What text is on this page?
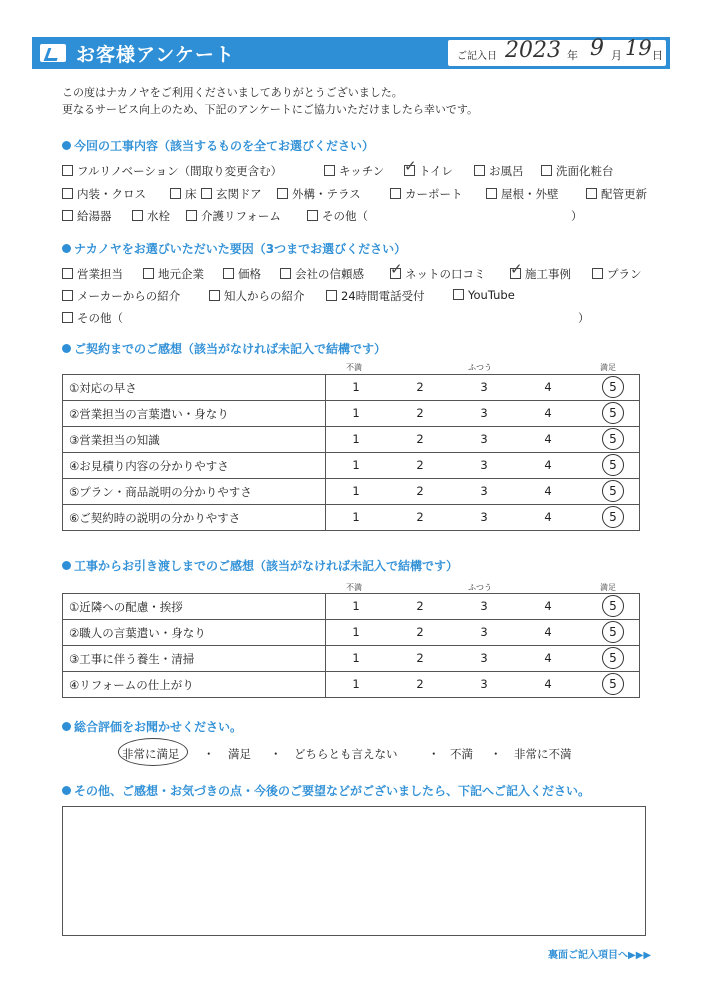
お客様アンケート	ご記入日 2023 年 9 月 19 日
この度はナカノヤをご利用くださいましてありがとうございました。
更なるサービス向上のため、下記のアンケートにご協力いただけましたら幸いです。
今回の工事内容（該当するものを全てお選びください）
フルリノベーション（間取り変更含む）	キッチン ✓	トイレ	お風呂	洗面化粧台
内装・クロス	床	玄関ドア	外構・テラス	カーポート	屋根・外壁	配管更新
給湯器	水栓	介護リフォーム	その他（	）
ナカノヤをお選びいただいた要因（3つまでお選びください）
営業担当	地元企業	価格	会社の信頼感 ✓	ネットの口コミ ✓	施工事例	プラン
メーカーからの紹介	知人からの紹介	24時間電話受付	YouTube
その他（	）
ご契約までのご感想（該当がなければ未記入で結構です）
不満	ふつう	満足
①対応の早さ	1 2 3 4 5

②営業担当の言葉遣い・身なり	1 2 3 4 5

③営業担当の知識	1 2 3 4 5

④お見積り内容の分かりやすさ	1 2 3 4 5

⑤プラン・商品説明の分かりやすさ	1 2 3 4 5

⑥ご契約時の説明の分かりやすさ	1 2 3 4 5
工事からお引き渡しまでのご感想（該当がなければ未記入で結構です）
不満	ふつう	満足
①近隣への配慮・挨拶	1 2 3 4 5

②職人の言葉遣い・身なり	1 2 3 4 5

③工事に伴う養生・清掃	1 2 3 4 5

④リフォームの仕上がり	1 2 3 4 5
総合評価をお聞かせください。
非常に満足 ・ 満足 ・ どちらとも言えない	・ 不満 ・ 非常に不満
その他、ご感想・お気づきの点・今後のご要望などがございましたら、下記へご記入ください。
裏面ご記入項目へ▶▶▶
